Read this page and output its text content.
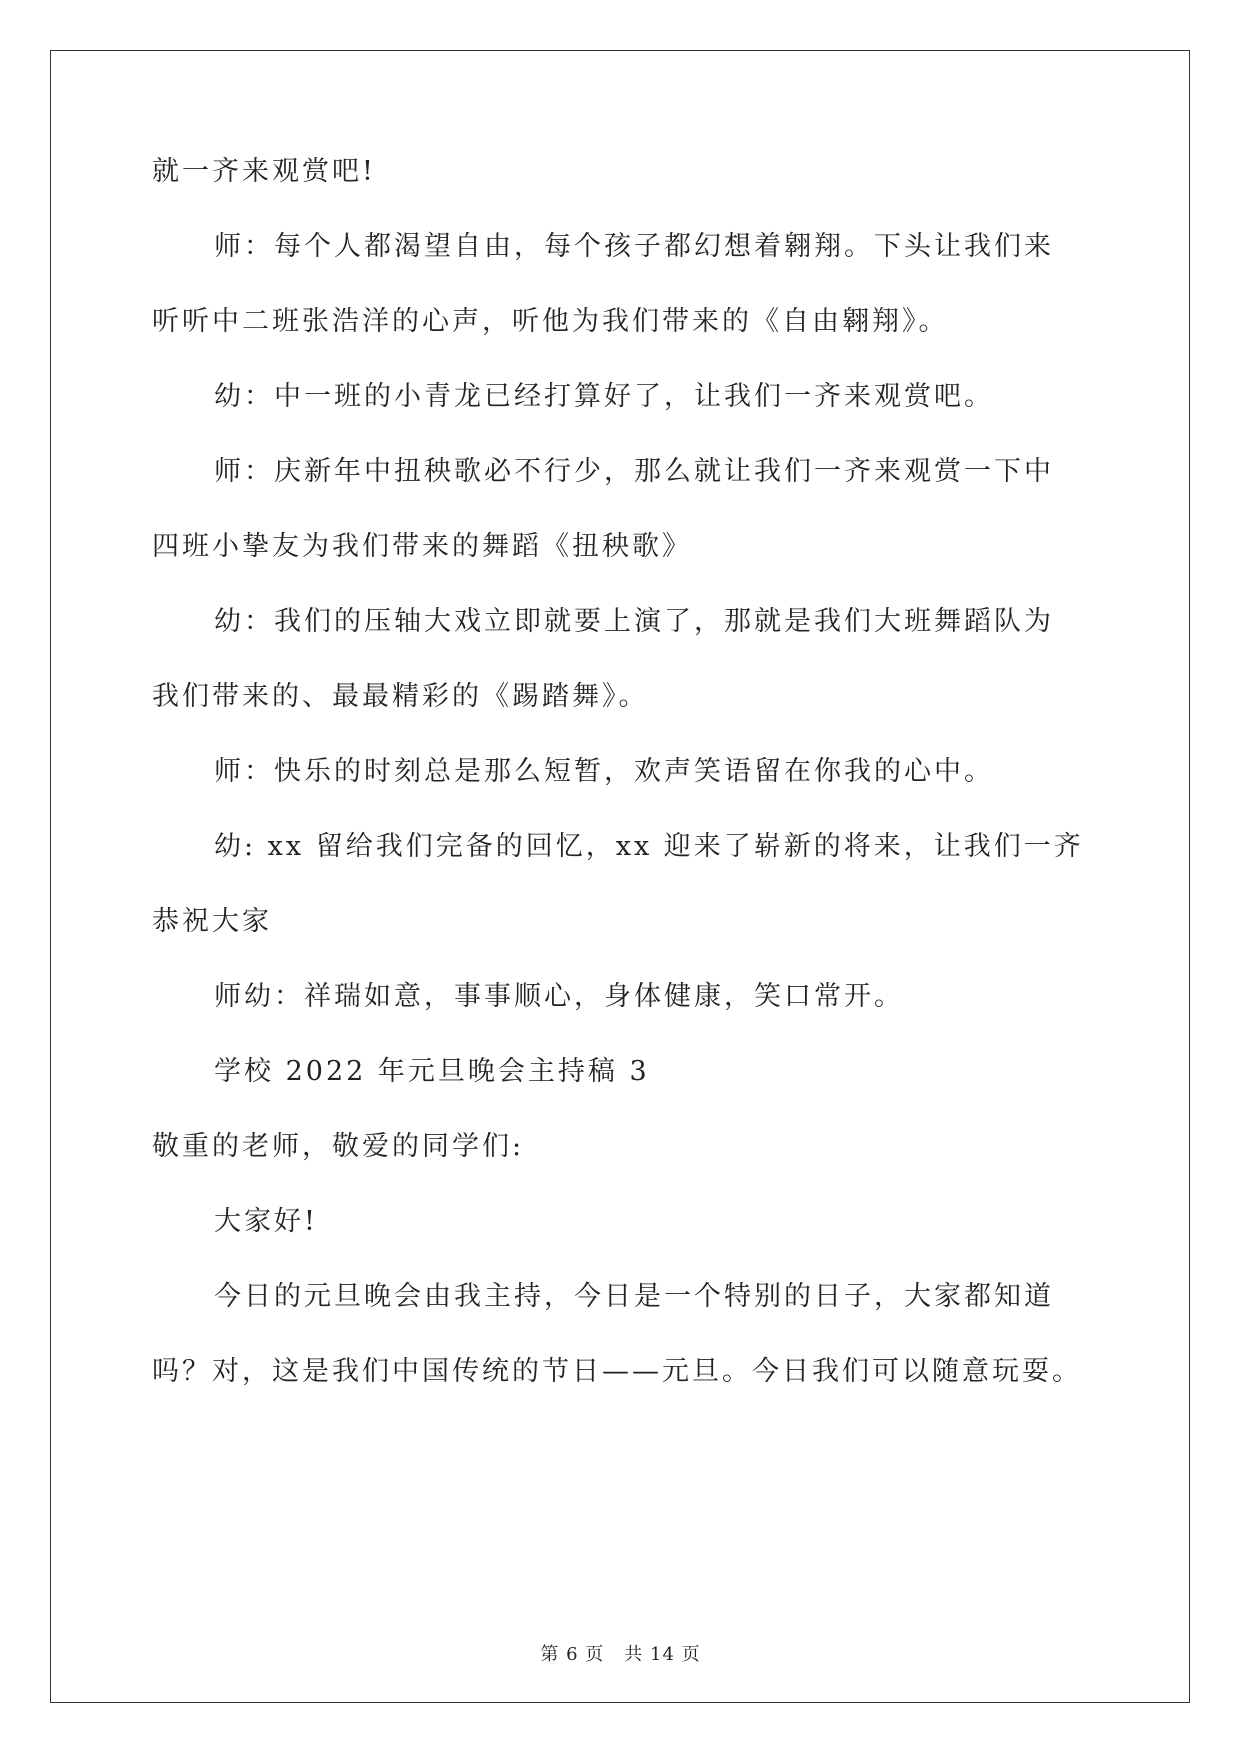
就一齐来观赏吧!
师：每个人都渴望自由，每个孩子都幻想着翱翔。下头让我们来
听听中二班张浩洋的心声，听他为我们带来的《自由翱翔》。
幼：中一班的小青龙已经打算好了，让我们一齐来观赏吧。
师：庆新年中扭秧歌必不行少，那么就让我们一齐来观赏一下中
四班小挚友为我们带来的舞蹈《扭秧歌》
幼：我们的压轴大戏立即就要上演了，那就是我们大班舞蹈队为
我们带来的、最最精彩的《踢踏舞》。
师：快乐的时刻总是那么短暂，欢声笑语留在你我的心中。
幼: xx 留给我们完备的回忆，xx 迎来了崭新的将来，让我们一齐
恭祝大家
师幼：祥瑞如意，事事顺心，身体健康，笑口常开。
学校 2022 年元旦晚会主持稿 3
敬重的老师，敬爱的同学们:
大家好!
今日的元旦晚会由我主持，今日是一个特别的日子，大家都知道
吗？对，这是我们中国传统的节日——元旦。今日我们可以随意玩耍。
第 6 页 共 14 页
